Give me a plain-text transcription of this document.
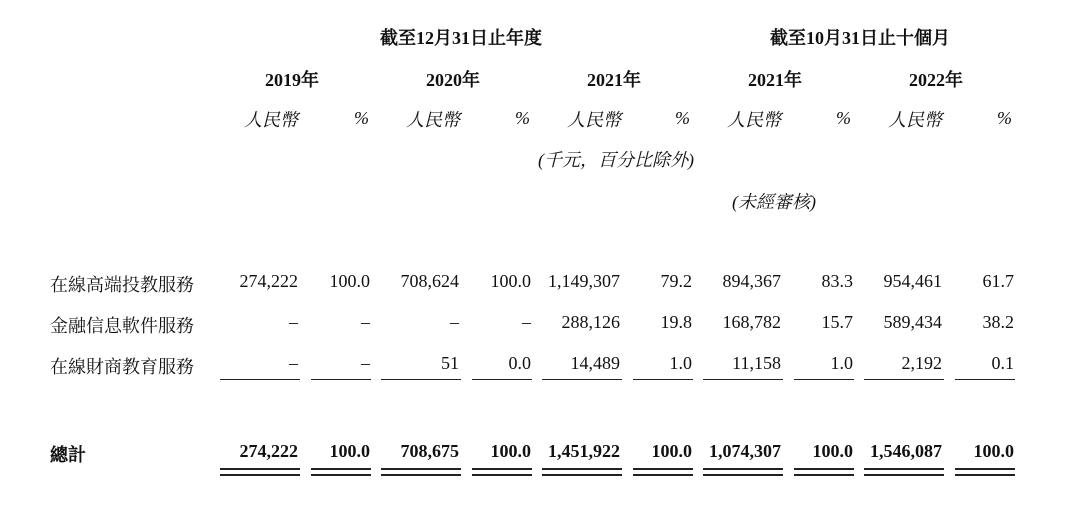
截至12月31日止年度	截至10月31日止十個月
2019年	2020年	2021年	2021年	2022年
人民幣	% 人民幣	% 人民幣	% 人民幣	% 人民幣	%
(千元，百分比除外)
(未經審核)
在線高端投教服務	274,222	100.0	708,624	100.0 1,149,307	79.2	894,367	83.3	954,461	61.7
金融信息軟件服務	–	–	–	–	288,126	19.8	168,782	15.7	589,434	38.2
在線財商教育服務	–	–	51	0.0	14,489	1.0	11,158	1.0	2,192	0.1
總計	274,222	100.0	708,675	100.0 1,451,922	100.0 1,074,307	100.0 1,546,087	100.0
